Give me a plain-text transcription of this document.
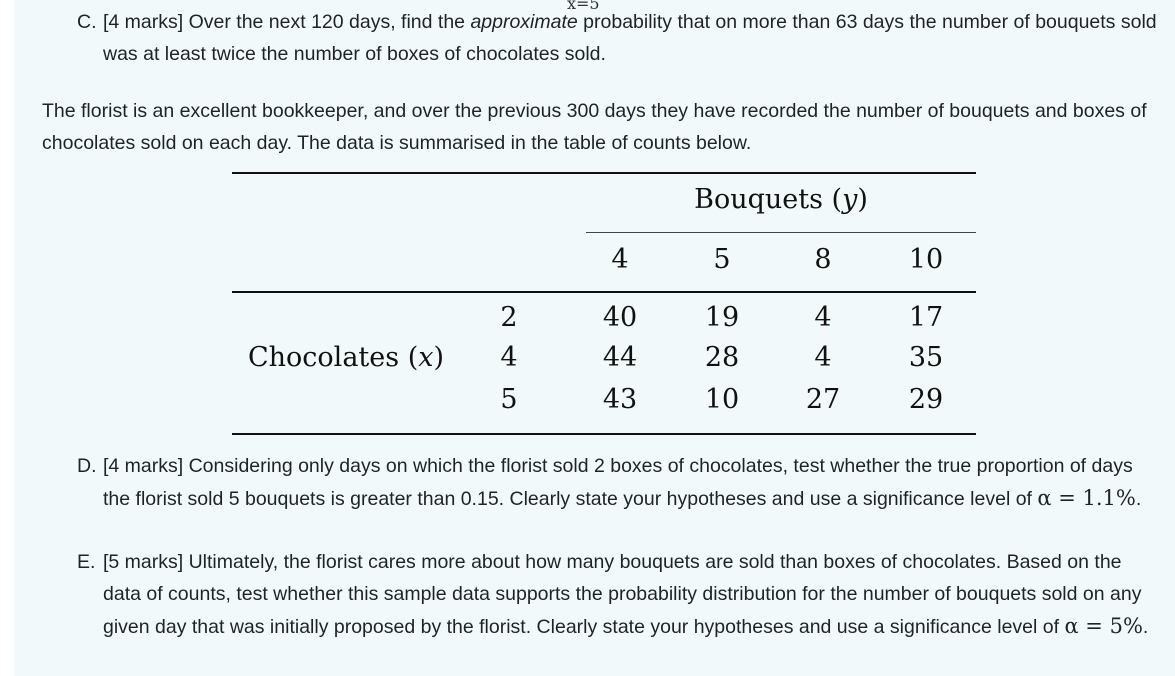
C. [4 marks] Over the next 120 days, find the approximate probability that on more than 63 days the number of bouquets sold was at least twice the number of boxes of chocolates sold.
The florist is an excellent bookkeeper, and over the previous 300 days they have recorded the number of bouquets and boxes of chocolates sold on each day. The data is summarised in the table of counts below.
Bouquets (y)
4	5	8	10
Chocolates (x)
2	40	19	4	17
4	44	28	4	35
5	43	10	27	29
D. [4 marks] Considering only days on which the florist sold 2 boxes of chocolates, test whether the true proportion of days the florist sold 5 bouquets is greater than 0.15. Clearly state your hypotheses and use a significance level of α = 1.1%.
E. [5 marks] Ultimately, the florist cares more about how many bouquets are sold than boxes of chocolates. Based on the data of counts, test whether this sample data supports the probability distribution for the number of bouquets sold on any given day that was initially proposed by the florist. Clearly state your hypotheses and use a significance level of α = 5%.
